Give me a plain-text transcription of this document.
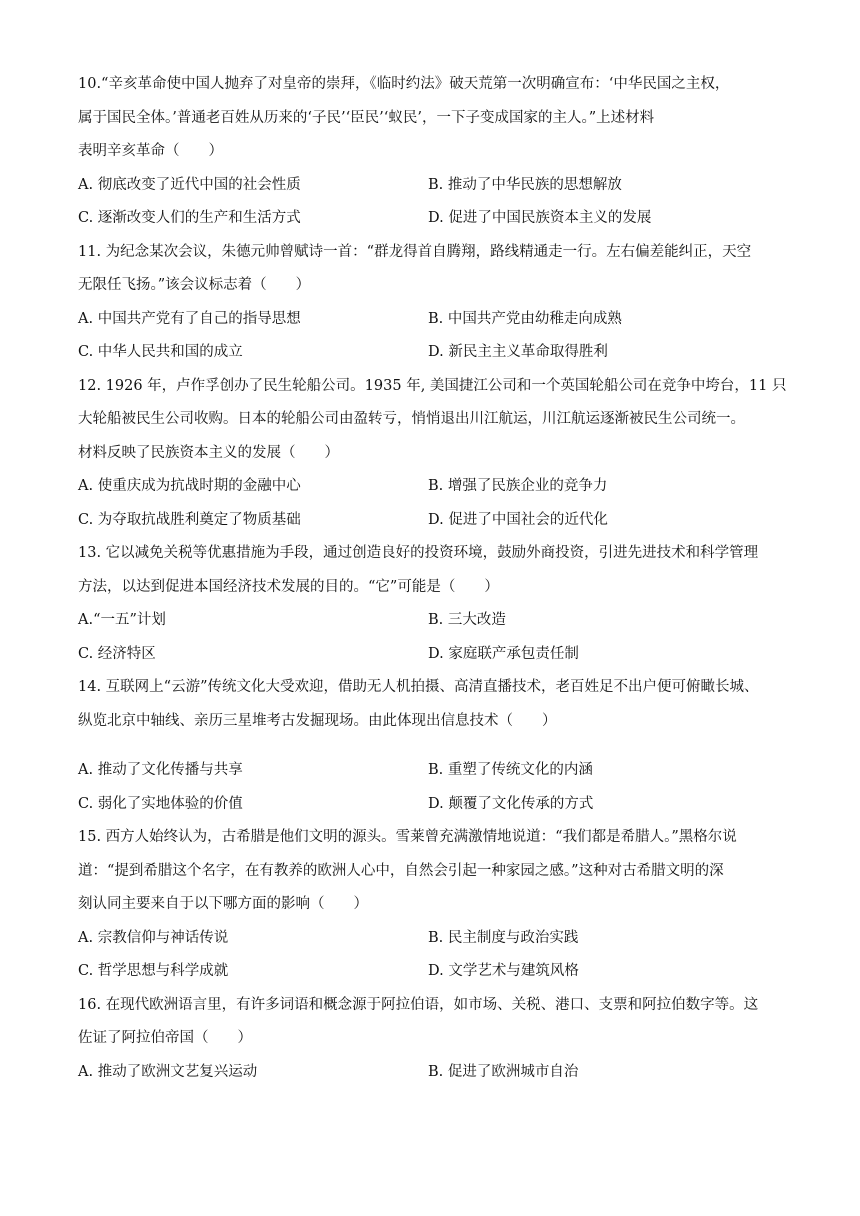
10.“辛亥革命使中国人抛弃了对皇帝的崇拜，《临时约法》破天荒第一次明确宣布：‘中华民国之主权，
属于国民全体。’普通老百姓从历来的‘子民’‘臣民’‘蚁民’，一下子变成国家的主人。”上述材料
表明辛亥革命（　　）
A. 彻底改变了近代中国的社会性质	B. 推动了中华民族的思想解放
C. 逐渐改变人们的生产和生活方式	D. 促进了中国民族资本主义的发展
11. 为纪念某次会议，朱德元帅曾赋诗一首：“群龙得首自腾翔，路线精通走一行。左右偏差能纠正，天空
无限任飞扬。”该会议标志着（　　）
A. 中国共产党有了自己的指导思想	B. 中国共产党由幼稚走向成熟
C. 中华人民共和国的成立	D. 新民主主义革命取得胜利
12. 1926 年，卢作孚创办了民生轮船公司。1935 年, 美国捷江公司和一个英国轮船公司在竞争中垮台，11 只
大轮船被民生公司收购。日本的轮船公司由盈转亏，悄悄退出川江航运，川江航运逐渐被民生公司统一。
材料反映了民族资本主义的发展（　　）
A. 使重庆成为抗战时期的金融中心	B. 增强了民族企业的竞争力
C. 为夺取抗战胜利奠定了物质基础	D. 促进了中国社会的近代化
13. 它以减免关税等优惠措施为手段，通过创造良好的投资环境，鼓励外商投资，引进先进技术和科学管理
方法，以达到促进本国经济技术发展的目的。“它”可能是（　　）
A.“一五”计划	B. 三大改造
C. 经济特区	D. 家庭联产承包责任制
14. 互联网上“云游”传统文化大受欢迎，借助无人机拍摄、高清直播技术，老百姓足不出户便可俯瞰长城、
纵览北京中轴线、亲历三星堆考古发掘现场。由此体现出信息技术（　　）
A. 推动了文化传播与共享	B. 重塑了传统文化的内涵
C. 弱化了实地体验的价值	D. 颠覆了文化传承的方式
15. 西方人始终认为，古希腊是他们文明的源头。雪莱曾充满激情地说道：“我们都是希腊人。”黑格尔说
道：“提到希腊这个名字，在有教养的欧洲人心中，自然会引起一种家园之感。”这种对古希腊文明的深
刻认同主要来自于以下哪方面的影响（　　）
A. 宗教信仰与神话传说	B. 民主制度与政治实践
C. 哲学思想与科学成就	D. 文学艺术与建筑风格
16. 在现代欧洲语言里，有许多词语和概念源于阿拉伯语，如市场、关税、港口、支票和阿拉伯数字等。这
佐证了阿拉伯帝国（　　）
A. 推动了欧洲文艺复兴运动	B. 促进了欧洲城市自治
